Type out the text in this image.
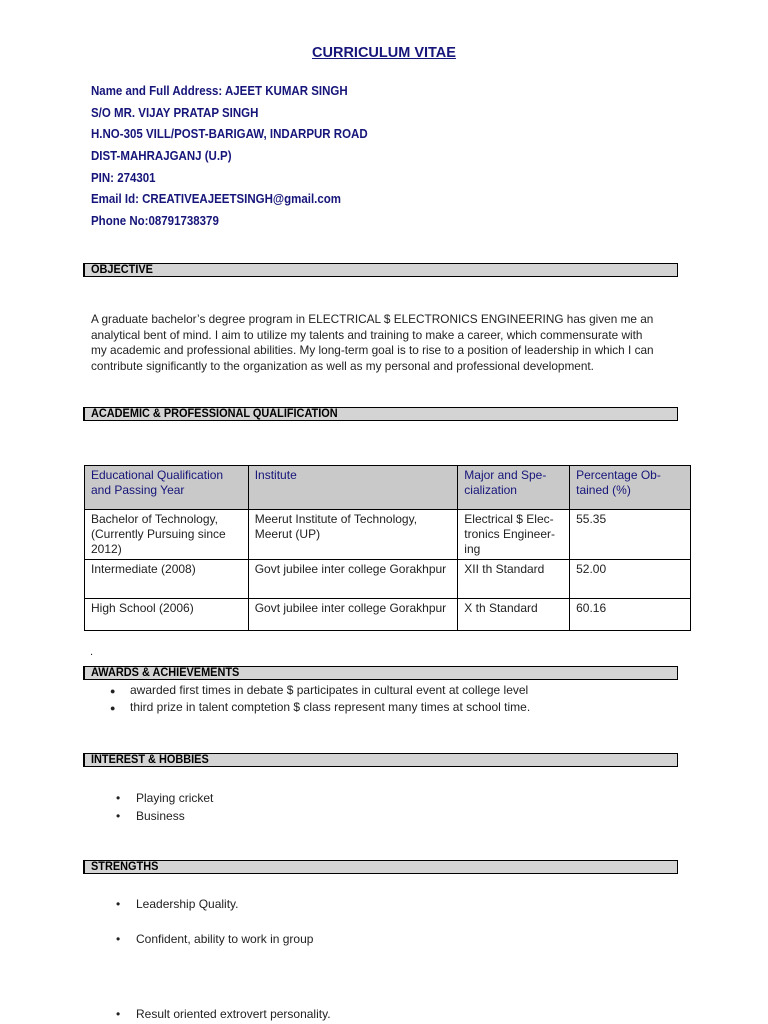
CURRICULUM VITAE
Name and Full Address: AJEET KUMAR SINGH
S/O MR. VIJAY PRATAP SINGH
H.NO-305 VILL/POST-BARIGAW, INDARPUR ROAD
DIST-MAHRAJGANJ (U.P)
PIN: 274301
Email Id: CREATIVEAJEETSINGH@gmail.com
Phone No:08791738379
OBJECTIVE

A graduate bachelor’s degree program in ELECTRICAL $ ELECTRONICS ENGINEERING has given me an

analytical bent of mind. I aim to utilize my talents and training to make a career, which commensurate with

my academic and professional abilities. My long-term goal is to rise to a position of leadership in which I can

contribute significantly to the organization as well as my personal and professional development.

ACADEMIC & PROFESSIONAL QUALIFICATION
Educational Qualification and Passing Year	Institute	Major and Spe-cialization	Percentage Ob-tained (%)
Bachelor of Technology, (Currently Pursuing since 2012)	Meerut Institute of Technology, Meerut (UP)	Electrical $ Elec-tronics Engineer-ing	55.35
Intermediate (2008)	Govt jubilee inter college Gorakhpur	XII th Standard	52.00
High School (2006)	Govt jubilee inter college Gorakhpur	X th Standard	60.16
.
AWARDS & ACHIEVEMENTS
● awarded first times in debate $ participates in cultural event at college level
● third prize in talent comptetion $ class represent many times at school time.
INTEREST & HOBBIES
• Playing cricket
• Business
STRENGTHS
• Leadership Quality.
• Confident, ability to work in group
• Result oriented extrovert personality.
